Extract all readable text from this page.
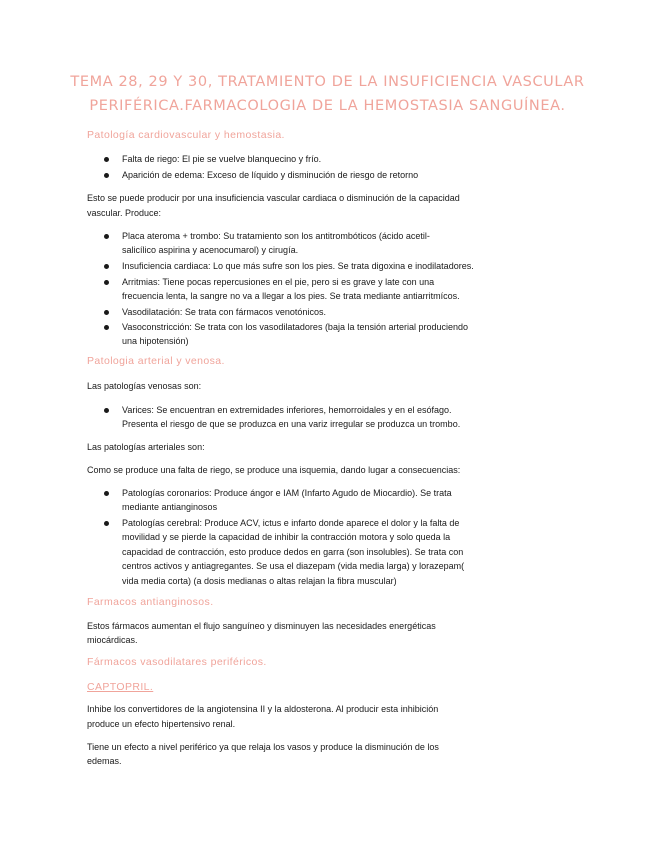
TEMA 28, 29 Y 30, TRATAMIENTO DE LA INSUFICIENCIA VASCULAR
PERIFÉRICA.FARMACOLOGIA DE LA HEMOSTASIA SANGUÍNEA.
Patología cardiovascular y hemostasia.
Falta de riego: El pie se vuelve blanquecino y frío.
Aparición de edema: Exceso de líquido y disminución de riesgo de retorno
Esto se puede producir por una insuficiencia vascular cardiaca o disminución de la capacidad
vascular. Produce:
Placa ateroma + trombo: Su tratamiento son los antitrombóticos (ácido acetil-
salicílico aspirina y acenocumarol) y cirugía.
Insuficiencia cardiaca: Lo que más sufre son los pies. Se trata digoxina e inodilatadores.
Arritmias: Tiene pocas repercusiones en el pie, pero si es grave y late con una
frecuencia lenta, la sangre no va a llegar a los pies. Se trata mediante antiarritmícos.
Vasodilatación: Se trata con fármacos venotónicos.
Vasoconstricción: Se trata con los vasodilatadores (baja la tensión arterial produciendo
una hipotensión)
Patologia arterial y venosa.
Las patologías venosas son:
Varices: Se encuentran en extremidades inferiores, hemorroidales y en el esófago.
Presenta el riesgo de que se produzca en una variz irregular se produzca un trombo.
Las patologías arteriales son:
Como se produce una falta de riego, se produce una isquemia, dando lugar a consecuencias:
Patologías coronarios: Produce ángor e IAM (Infarto Agudo de Miocardio). Se trata
mediante antianginosos
Patologías cerebral: Produce ACV, ictus e infarto donde aparece el dolor y la falta de
movilidad y se pierde la capacidad de inhibir la contracción motora y solo queda la
capacidad de contracción, esto produce dedos en garra (son insolubles). Se trata con
centros activos y antiagregantes. Se usa el diazepam (vida media larga) y lorazepam(
vida media corta) (a dosis medianas o altas relajan la fibra muscular)
Farmacos antianginosos.
Estos fármacos aumentan el flujo sanguíneo y disminuyen las necesidades energéticas
miocárdicas.
Fármacos vasodilatares periféricos.
CAPTOPRIL.
Inhibe los convertidores de la angiotensina II y la aldosterona. Al producir esta inhibición
produce un efecto hipertensivo renal.
Tiene un efecto a nivel periférico ya que relaja los vasos y produce la disminución de los
edemas.
